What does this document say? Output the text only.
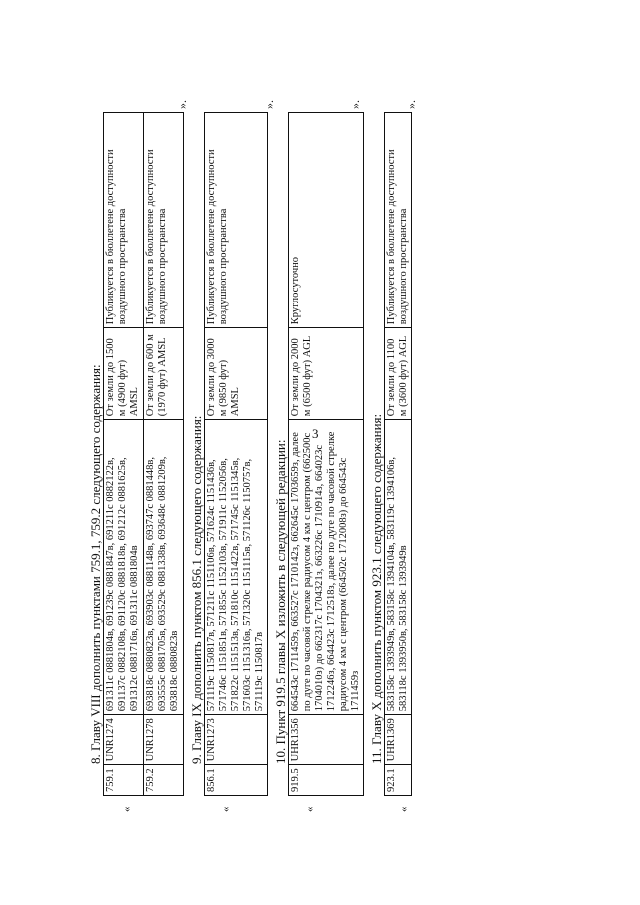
3
8. Главу VIII дополнить пунктами 759.1, 759.2 следующего содержания:
«
759.1	UNR1274	691311с 0881804в, 691239с 0881847в, 691211с 0882122в, 691137с 0882108в, 691120с 0881818в, 691212с 0881625в, 691312с 0881716в, 691311с 0881804в	От земли до 1500 м (4900 фут) AMSL	Публикуется в бюллетене доступности воздушного пространства
759.2	UNR1278	693818с 0880823в, 693903с 0881148в, 693747с 0881448в, 693555с 0881705в, 693529с 0881338в, 693648с 0881209в, 693818с 0880823в	От земли до 600 м (1970 фут) AMSL	Публикуется в бюллетене доступности воздушного пространства
».
9. Главу IX дополнить пунктом 856.1 следующего содержания:
«
856.1	UNR1273	571119с 1150817в, 571211с 1151106в, 571624с 1151436в, 571746с 1151851в, 571855с 1152103в, 571911с 1152056в, 571822с 1151513в, 571810с 1151422в, 571745с 1151345в, 571603с 1151316в, 571320с 1151115в, 571126с 1150757в, 571119с 1150817в	От земли до 3000 м (9850 фут) AMSL	Публикуется в бюллетене доступности воздушного пространства
».
10. Пункт 919.5 главы X изложить в следующей редакции:
«
919.5	UHR1356	664543с 1711459з, 663527с 1710142з, 662645с 1703659з, далее по дуге по часовой стрелке радиусом 4 км с центром (662500с 1704010з) до 662317с 1704321з, 663226с 1710914з, 664023с 1712246з, 664423с 1712518з, далее по дуге по часовой стрелке радиусом 4 км с центром (664502с 1712008з) до 664543с 1711459з	От земли до 2000 м (6500 фут) AGL	Круглосуточно
».
11. Главу X дополнить пунктом 923.1 следующего содержания:
«
923.1	UHR1369	583158с 1393949в, 583158с 1394104в, 583119с 1394106в, 583118с 1393950в, 583158с 1393949в	От земли до 1100 м (3600 фут) AGL	Публикуется в бюллетене доступности воздушного пространства
».
